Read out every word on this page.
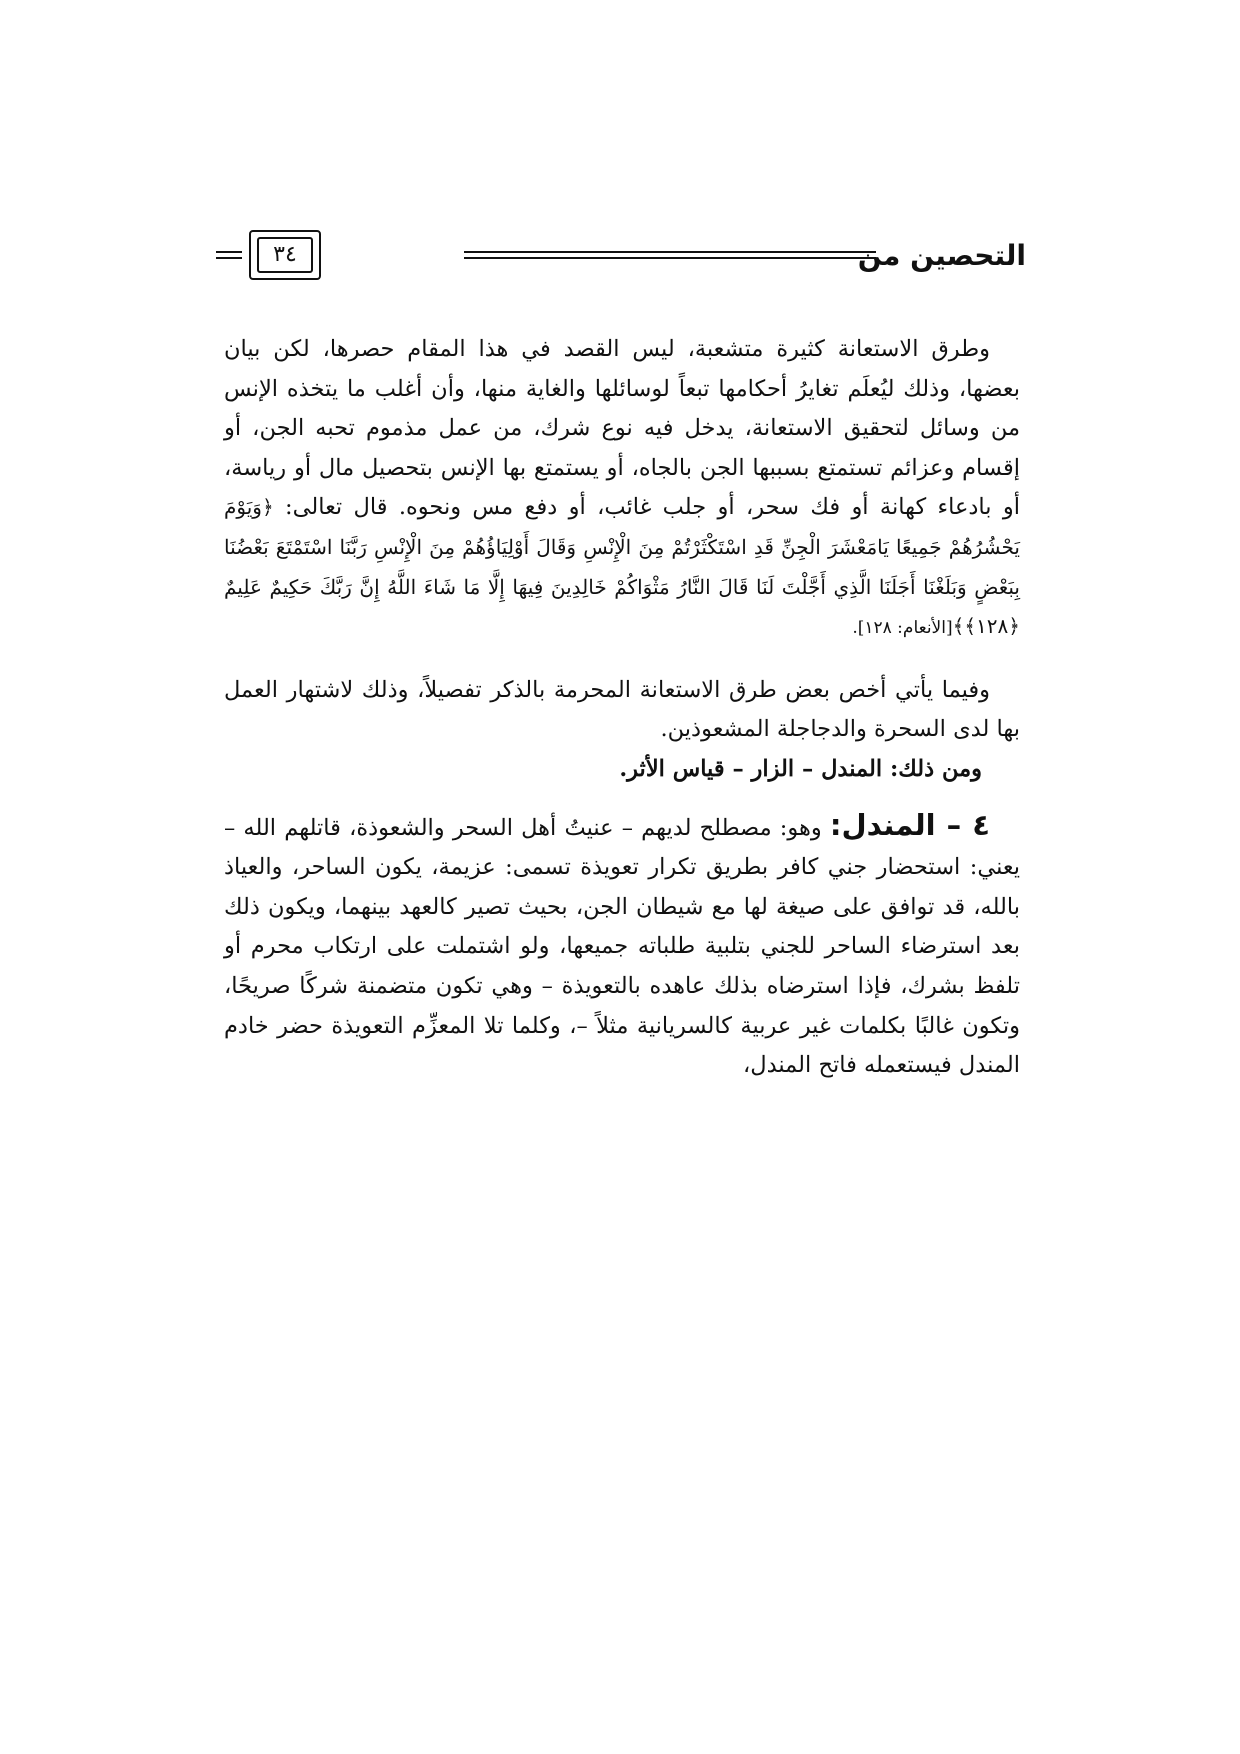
التحصين من
٣٤

وطرق الاستعانة كثيرة متشعبة، ليس القصد في هذا المقام حصرها، لكن بيان بعضها، وذلك ليُعلَم تغايرُ أحكامها تبعاً لوسائلها والغاية منها، وأن أغلب ما يتخذه الإنس من وسائل لتحقيق الاستعانة، يدخل فيه نوع شرك، من عمل مذموم تحبه الجن، أو إقسام وعزائم تستمتع بسببها الجن بالجاه، أو يستمتع بها الإنس بتحصيل مال أو رياسة، أو بادعاء كهانة أو فك سحر، أو جلب غائب، أو دفع مس ونحوه. قال تعالى: ﴿وَيَوْمَ يَحْشُرُهُمْ جَمِيعًا يَامَعْشَرَ الْجِنِّ قَدِ اسْتَكْثَرْتُمْ مِنَ الْإِنْسِ وَقَالَ أَوْلِيَاؤُهُمْ مِنَ الْإِنْسِ رَبَّنَا اسْتَمْتَعَ بَعْضُنَا بِبَعْضٍ وَبَلَغْنَا أَجَلَنَا الَّذِي أَجَّلْتَ لَنَا قَالَ النَّارُ مَثْوَاكُمْ خَالِدِينَ فِيهَا إِلَّا مَا شَاءَ اللَّهُ إِنَّ رَبَّكَ حَكِيمٌ عَلِيمٌ ﴿١٢٨﴾﴾[الأنعام: ١٢٨].

وفيما يأتي أخص بعض طرق الاستعانة المحرمة بالذكر تفصيلاً، وذلك لاشتهار العمل بها لدى السحرة والدجاجلة المشعوذين.

ومن ذلك: المندل – الزار – قياس الأثر.

٤ – المندل: وهو: مصطلح لديهم – عنيتُ أهل السحر والشعوذة، قاتلهم الله – يعني: استحضار جني كافر بطريق تكرار تعويذة تسمى: عزيمة، يكون الساحر، والعياذ بالله، قد توافق على صيغة لها مع شيطان الجن، بحيث تصير كالعهد بينهما، ويكون ذلك بعد استرضاء الساحر للجني بتلبية طلباته جميعها، ولو اشتملت على ارتكاب محرم أو تلفظ بشرك، فإذا استرضاه بذلك عاهده بالتعويذة – وهي تكون متضمنة شركًا صريحًا، وتكون غالبًا بكلمات غير عربية كالسريانية مثلاً –، وكلما تلا المعزِّم التعويذة حضر خادم المندل فيستعمله فاتح المندل،
